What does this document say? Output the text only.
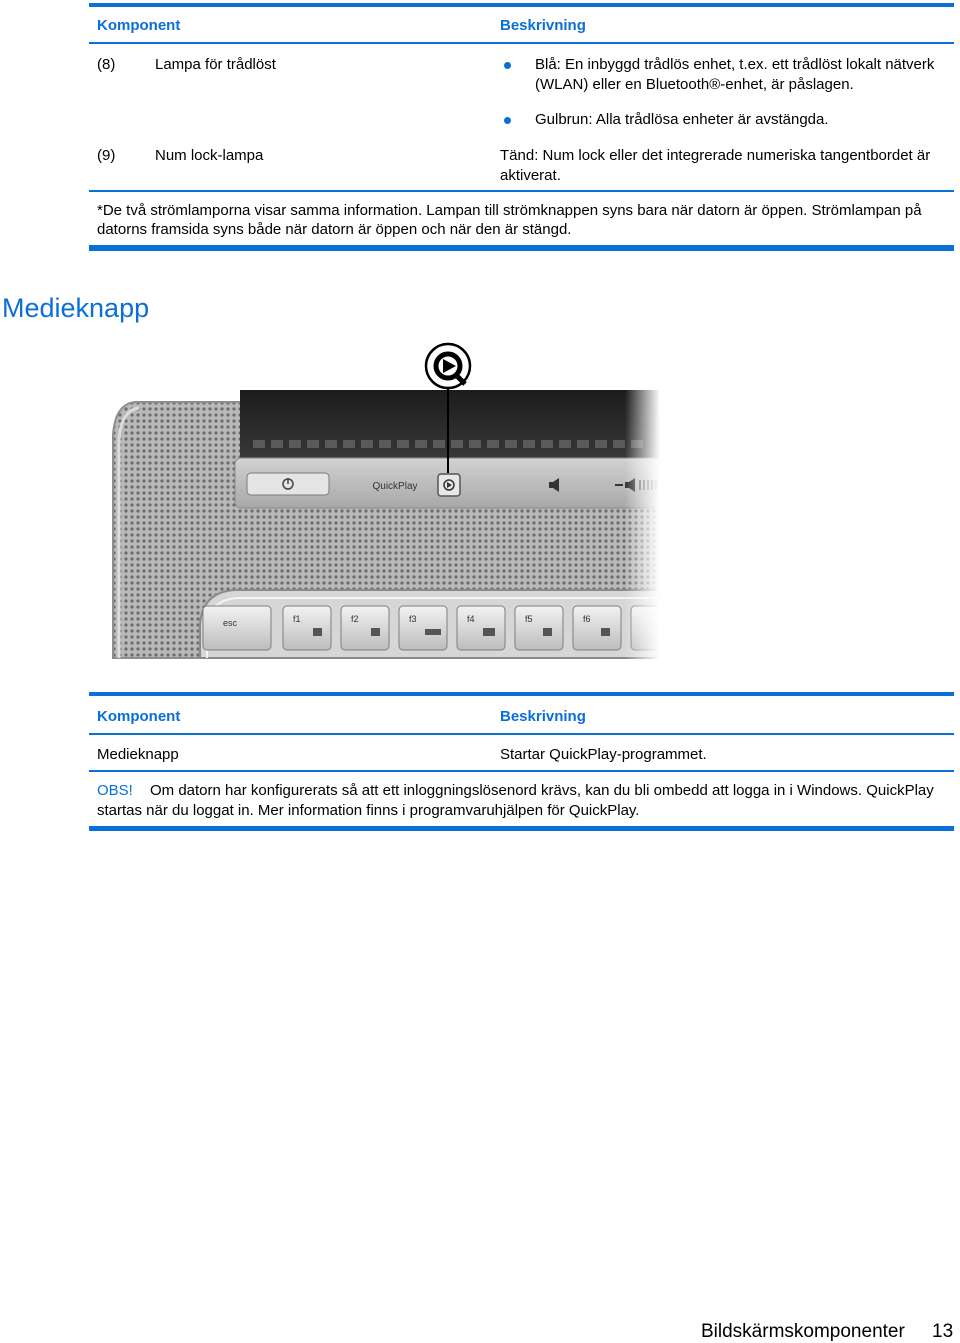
Komponent	Beskrivning
(8)	Lampa för trådlöst	Blå: En inbyggd trådlös enhet, t.ex. ett trådlöst lokalt nätverk
(WLAN) eller en Bluetooth®-enhet, är påslagen.
Gulbrun: Alla trådlösa enheter är avstängda.
(9)	Num lock-lampa	Tänd: Num lock eller det integrerade numeriska tangentbordet är
aktiverat.
*De två strömlamporna visar samma information. Lampan till strömknappen syns bara när datorn är öppen. Strömlampan på
datorns framsida syns både när datorn är öppen och när den är stängd.
Medieknapp
QuickPlay
esc	f1	f2	f3	f4	f5	f6
Komponent	Beskrivning
Medieknapp	Startar QuickPlay-programmet.
OBS! Om datorn har konfigurerats så att ett inloggningslösenord krävs, kan du bli ombedd att logga in i Windows. QuickPlay
startas när du loggat in. Mer information finns i programvaruhjälpen för QuickPlay.
Bildskärmskomponenter 13
